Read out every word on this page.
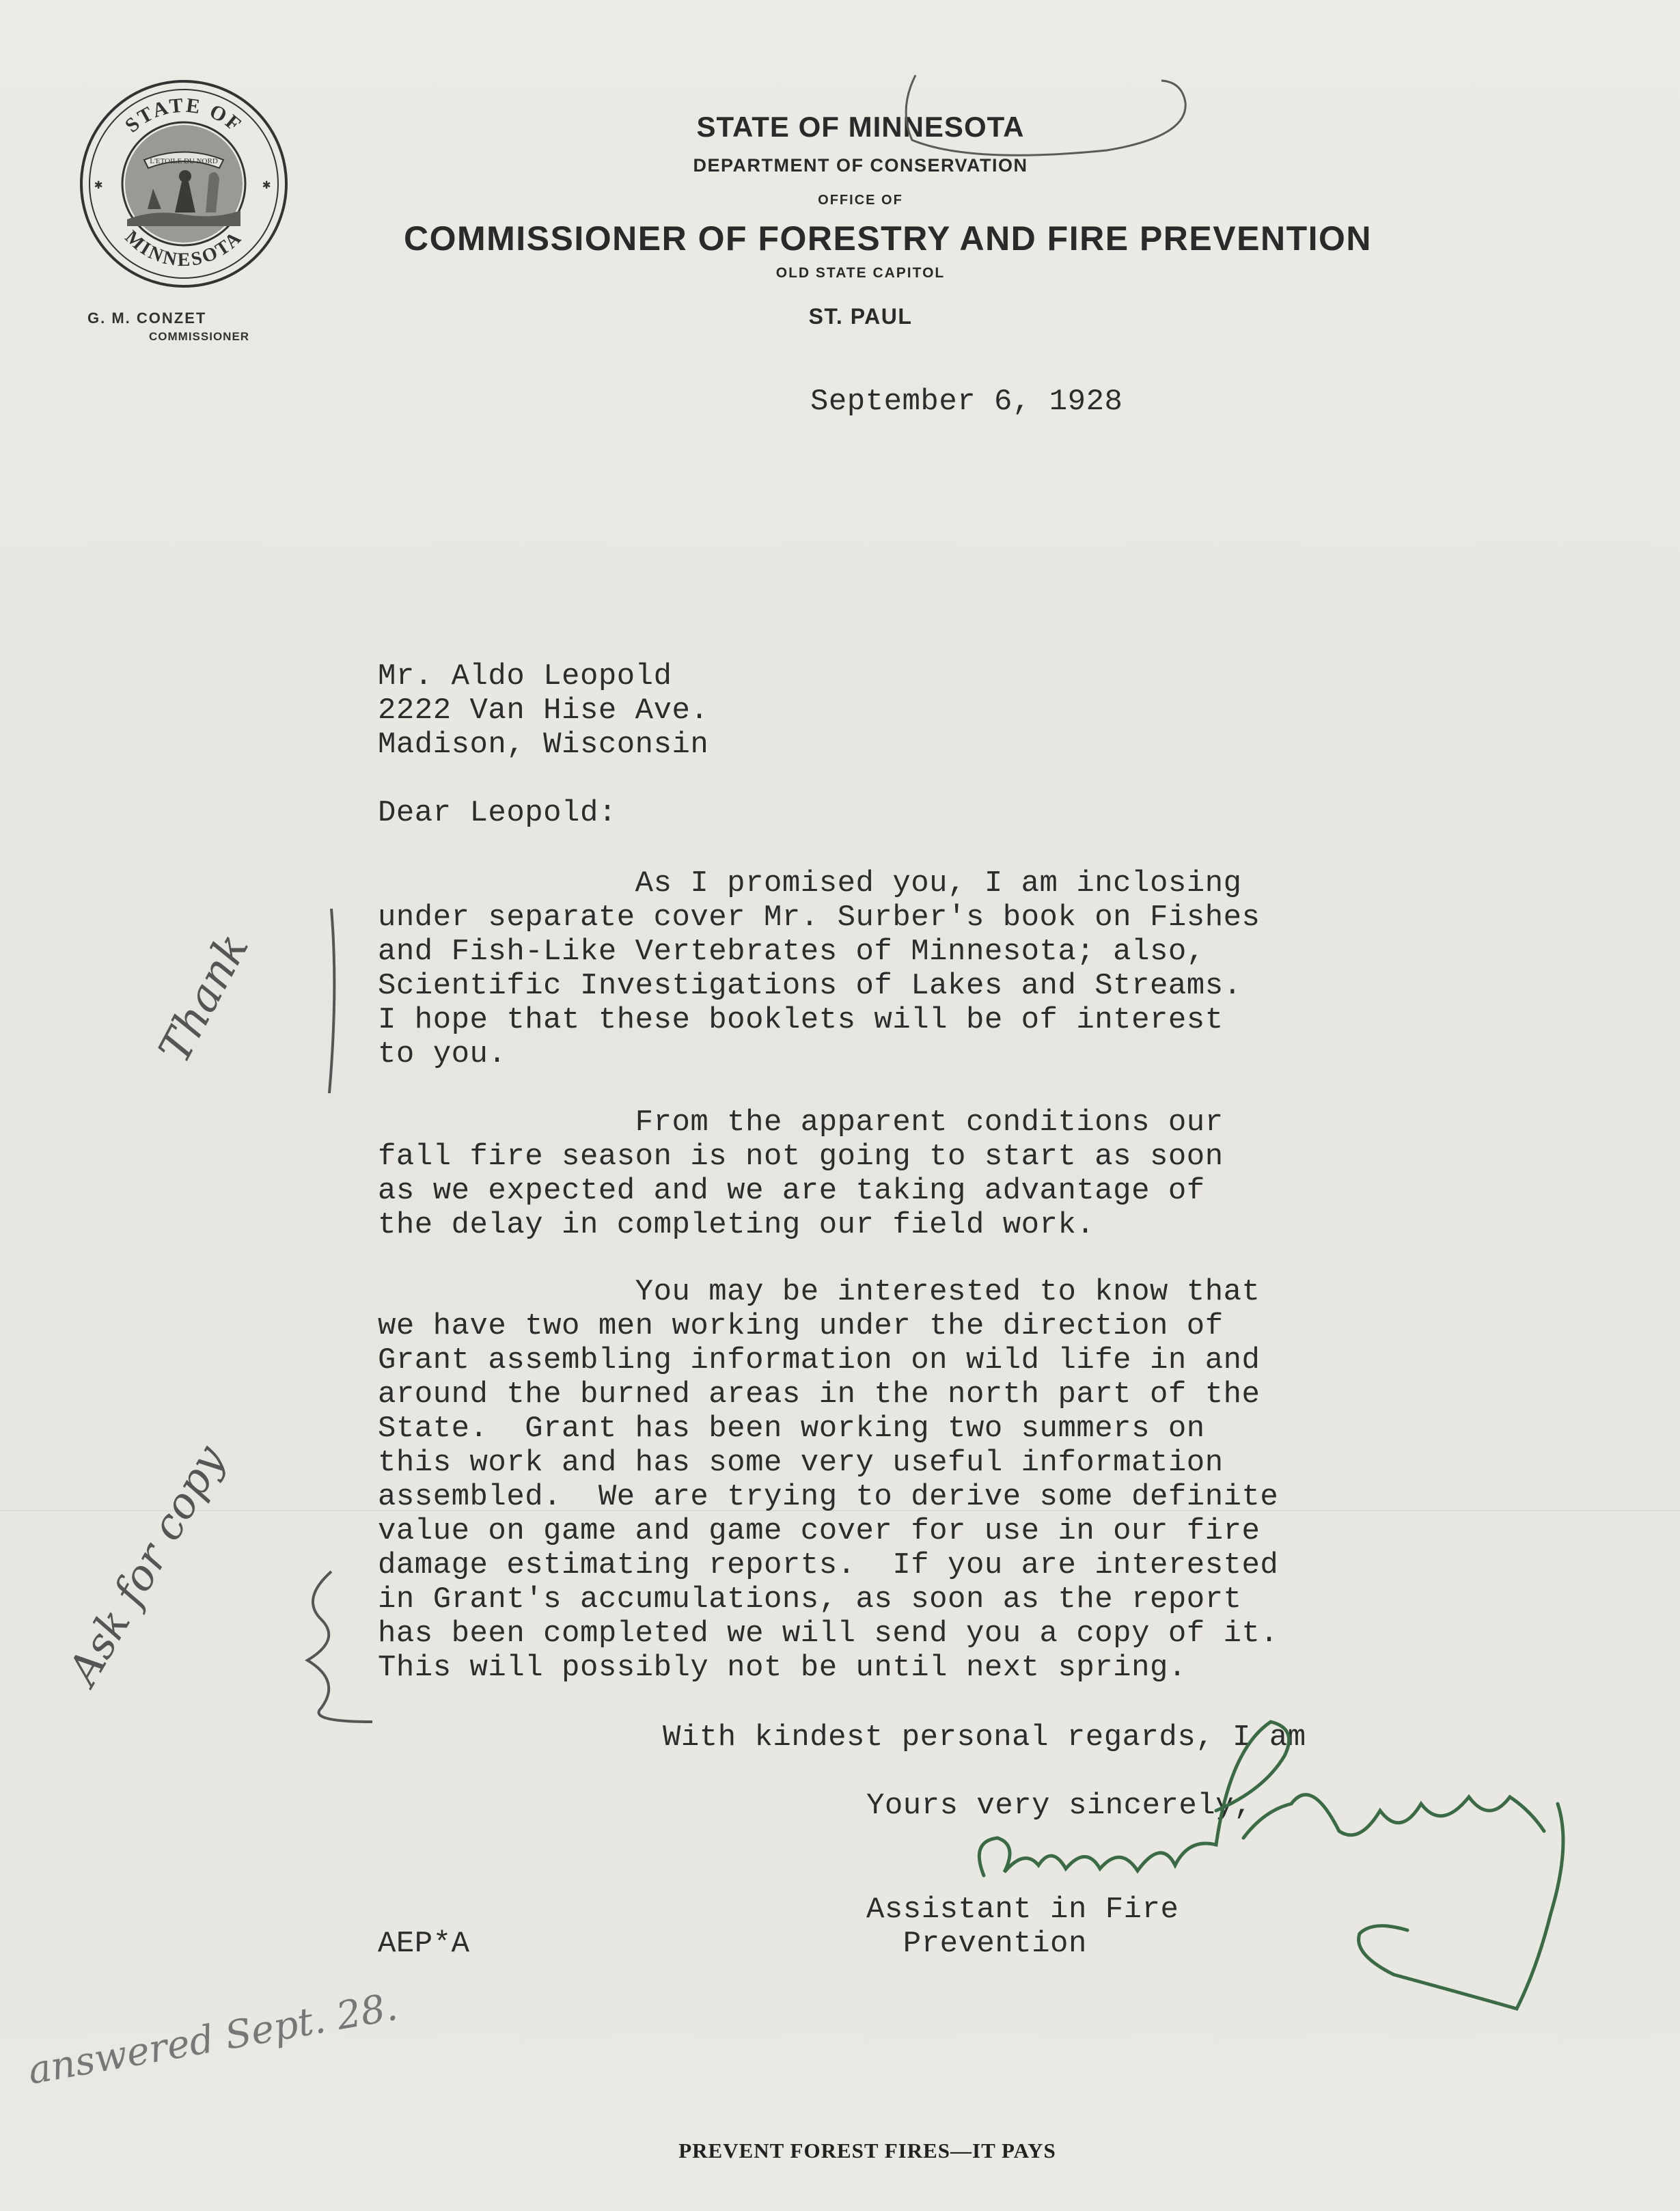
STATE OF
MINNESOTA
✱	✱
L'ETOILE DU NORD
G. M. CONZET
COMMISSIONER
STATE OF MINNESOTA
DEPARTMENT OF CONSERVATION
OFFICE OF
COMMISSIONER OF FORESTRY AND FIRE PREVENTION
OLD STATE CAPITOL
ST. PAUL
September 6, 1928
Mr. Aldo Leopold
2222 Van Hise Ave.
Madison, Wisconsin
Dear Leopold:
As I promised you, I am inclosing
under separate cover Mr. Surber's book on Fishes
and Fish-Like Vertebrates of Minnesota; also,
Scientific Investigations of Lakes and Streams.
I hope that these booklets will be of interest
to you.
From the apparent conditions our
fall fire season is not going to start as soon
as we expected and we are taking advantage of
the delay in completing our field work.
You may be interested to know that
we have two men working under the direction of
Grant assembling information on wild life in and
around the burned areas in the north part of the
State.  Grant has been working two summers on
this work and has some very useful information
assembled.  We are trying to derive some definite
value on game and game cover for use in our fire
damage estimating reports.  If you are interested
in Grant's accumulations, as soon as the report
has been completed we will send you a copy of it.
This will possibly not be until next spring.
With kindest personal regards, I am
Yours very sincerely,
Assistant in Fire
Prevention
AEP*A
PREVENT FOREST FIRES—IT PAYS
Thank
Ask for copy
answered Sept. 28.
